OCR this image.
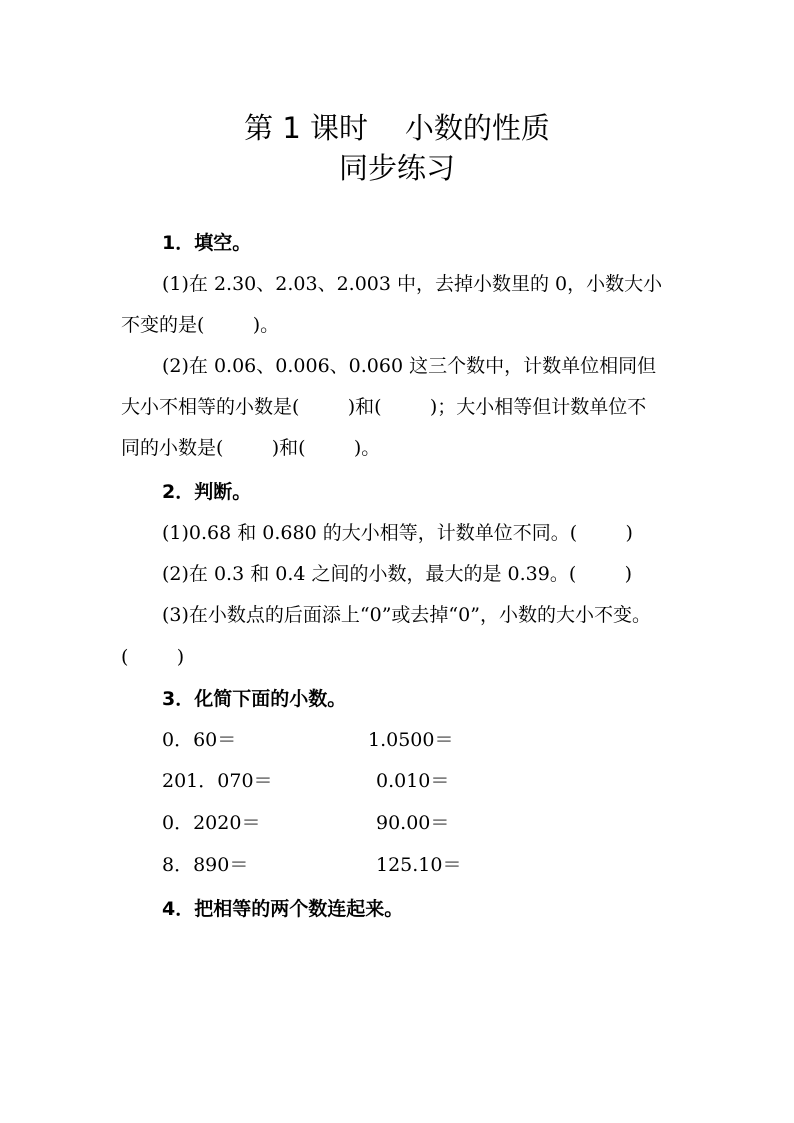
第 1 课时    小数的性质
同步练习
1．填空。
(1)在 2.30、2.03、2.003 中，去掉小数里的 0，小数大小
不变的是(        )。
(2)在 0.06、0.006、0.060 这三个数中，计数单位相同但
大小不相等的小数是(        )和(        )；大小相等但计数单位不
同的小数是(        )和(        )。
2．判断。
(1)0.68 和 0.680 的大小相等，计数单位不同。(        )
(2)在 0.3 和 0.4 之间的小数，最大的是 0.39。(        )
(3)在小数点的后面添上“0”或去掉“0”，小数的大小不变。
(        )
3．化简下面的小数。
0．60＝	1.0500＝
201．070＝	0.010＝
0．2020＝	90.00＝
8．890＝	125.10＝
4．把相等的两个数连起来。
